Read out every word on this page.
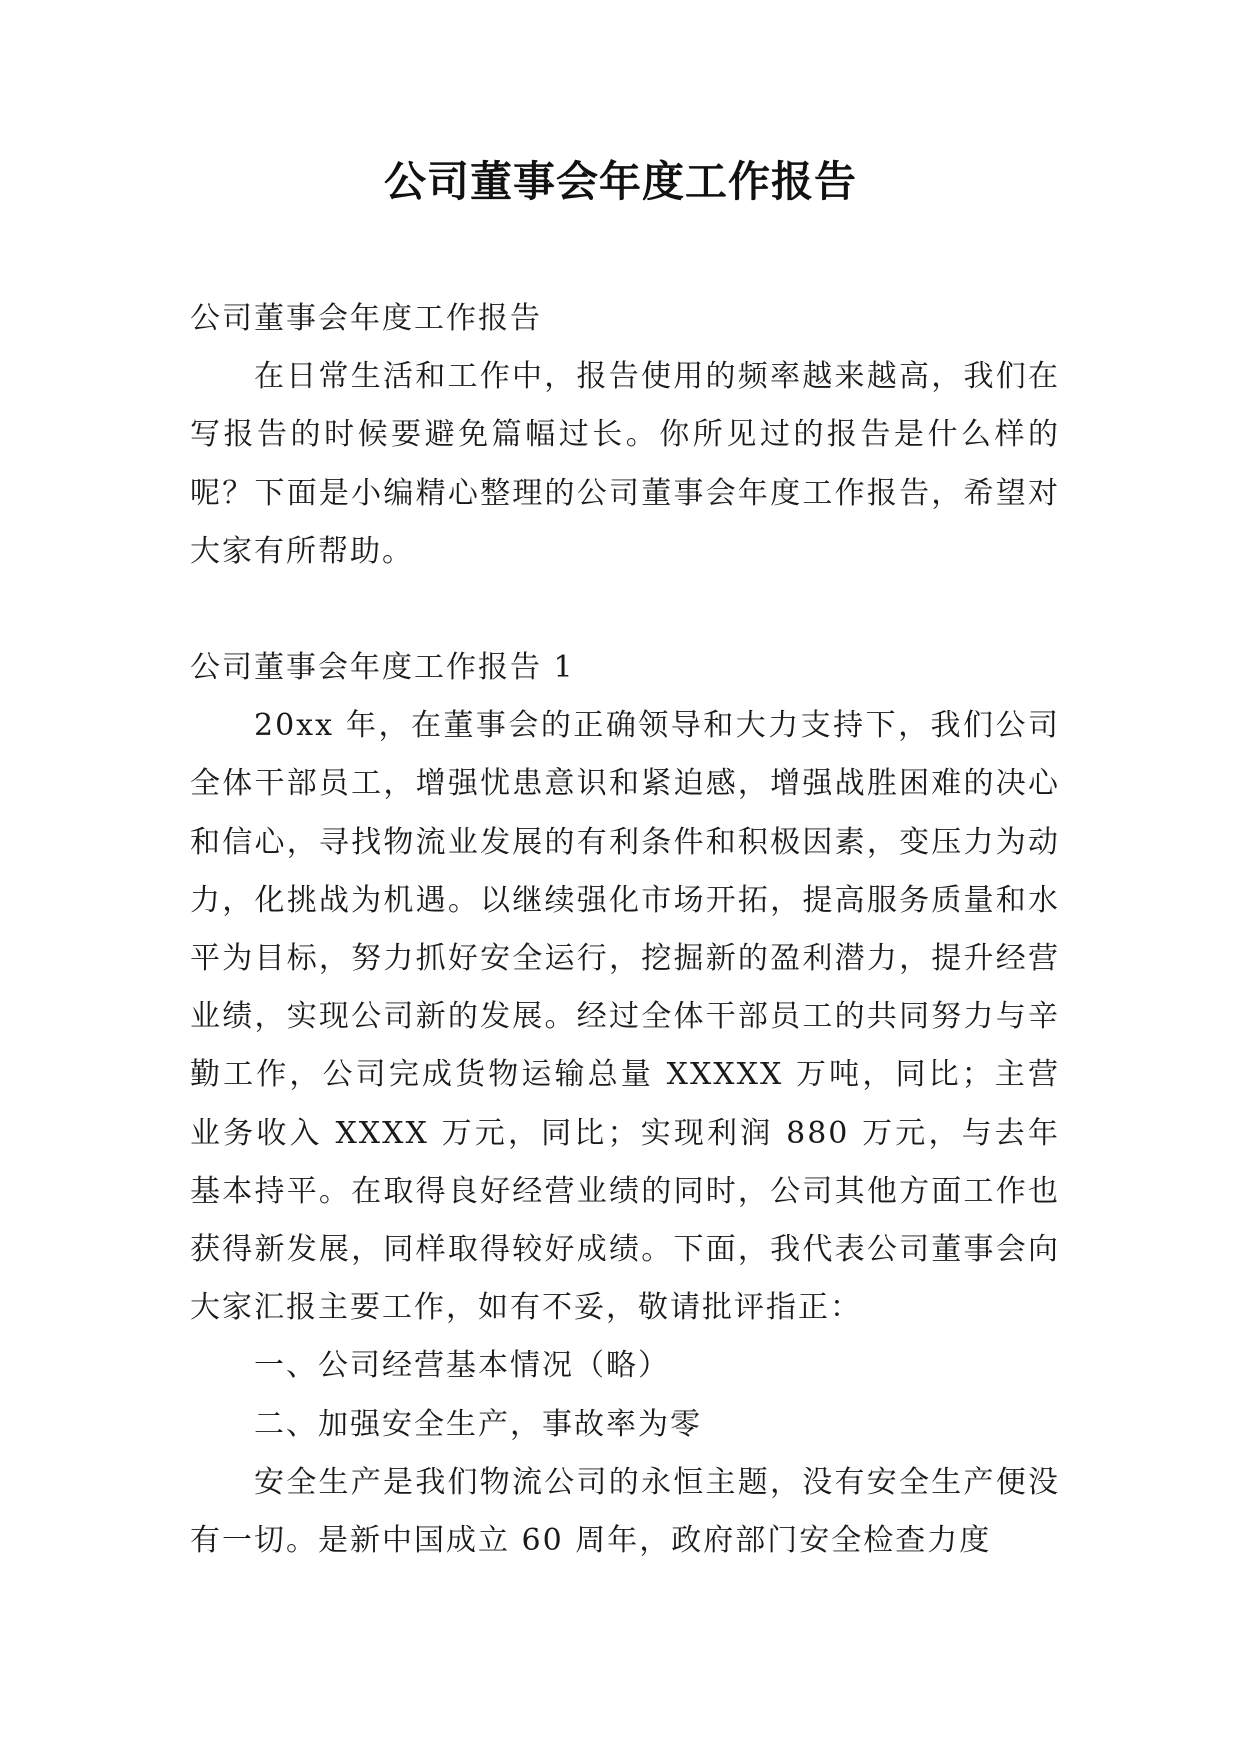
公司董事会年度工作报告

公司董事会年度工作报告

在日常生活和工作中，报告使用的频率越来越高，我们在写报告的时候要避免篇幅过长。你所见过的报告是什么样的呢？下面是小编精心整理的公司董事会年度工作报告，希望对大家有所帮助。

公司董事会年度工作报告 1

20xx 年，在董事会的正确领导和大力支持下，我们公司全体干部员工，增强忧患意识和紧迫感，增强战胜困难的决心和信心，寻找物流业发展的有利条件和积极因素，变压力为动力，化挑战为机遇。以继续强化市场开拓，提高服务质量和水平为目标，努力抓好安全运行，挖掘新的盈利潜力，提升经营业绩，实现公司新的发展。经过全体干部员工的共同努力与辛勤工作，公司完成货物运输总量 XXXXX 万吨，同比；主营业务收入 XXXX 万元，同比；实现利润 880 万元，与去年基本持平。在取得良好经营业绩的同时，公司其他方面工作也获得新发展，同样取得较好成绩。下面，我代表公司董事会向大家汇报主要工作，如有不妥，敬请批评指正：

一、公司经营基本情况（略）

二、加强安全生产，事故率为零

安全生产是我们物流公司的永恒主题，没有安全生产便没有一切。是新中国成立 60 周年，政府部门安全检查力度
